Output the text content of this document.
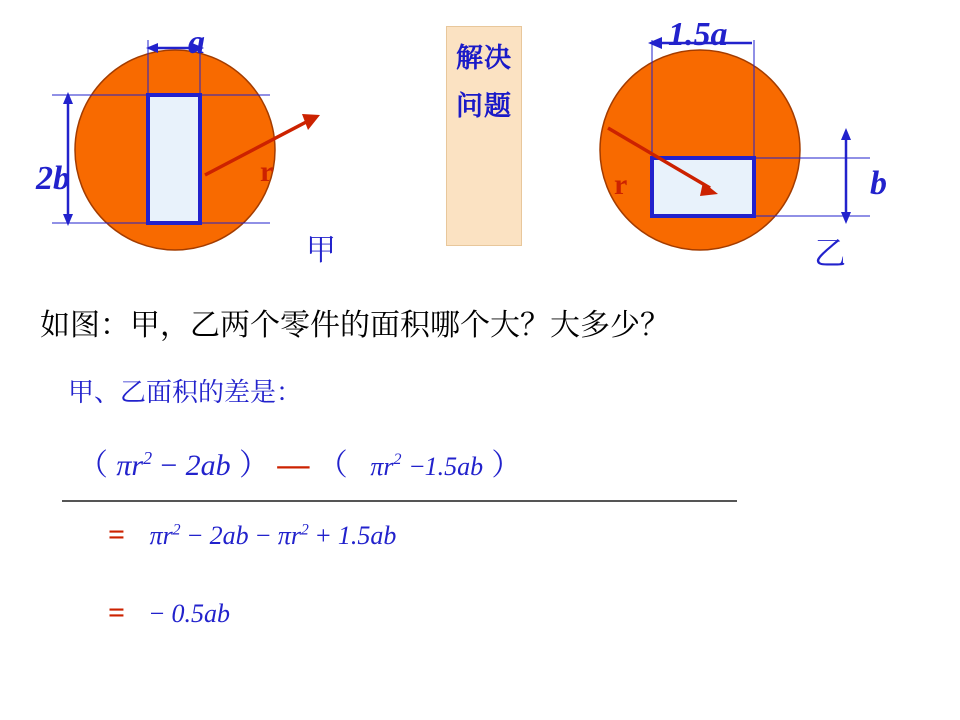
a
2b	r
甲
解决问题
1.5a
b
r
乙
如图：甲，乙两个零件的面积哪个大？大多少？
甲、乙面积的差是：
（ $\pi r^2 - 2ab$ ） — （ $\pi r^2 -1.5ab$ ）
= $\pi r^2 - 2ab - \pi r^2 + 1.5ab$
= − 0.5ab
